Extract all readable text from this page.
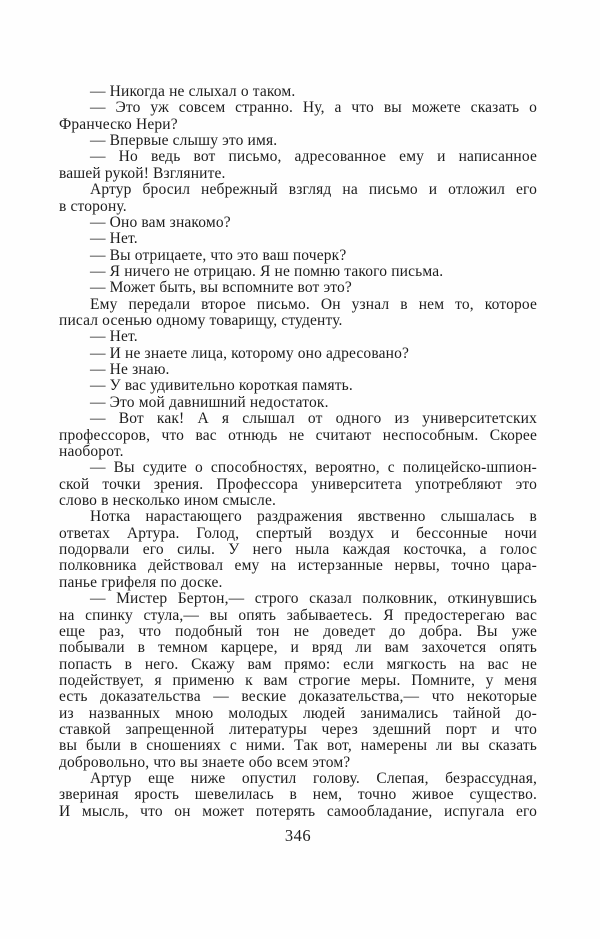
— Никогда не слыхал о таком.
— Это уж совсем странно. Ну, а что вы можете сказать о
Франческо Нери?
— Впервые слышу это имя.
— Но ведь вот письмо, адресованное ему и написанное
вашей рукой! Взгляните.
Артур бросил небрежный взгляд на письмо и отложил его
в сторону.
— Оно вам знакомо?
— Нет.
— Вы отрицаете, что это ваш почерк?
— Я ничего не отрицаю. Я не помню такого письма.
— Может быть, вы вспомните вот это?
Ему передали второе письмо. Он узнал в нем то, которое
писал осенью одному товарищу, студенту.
— Нет.
— И не знаете лица, которому оно адресовано?
— Не знаю.
— У вас удивительно короткая память.
— Это мой давнишний недостаток.
— Вот как! А я слышал от одного из университетских
профессоров, что вас отнюдь не считают неспособным. Скорее
наоборот.
— Вы судите о способностях, вероятно, с полицейско-шпион-
ской точки зрения. Профессора университета употребляют это
слово в несколько ином смысле.
Нотка нарастающего раздражения явственно слышалась в
ответах Артура. Голод, спертый воздух и бессонные ночи
подорвали его силы. У него ныла каждая косточка, а голос
полковника действовал ему на истерзанные нервы, точно цара-
панье грифеля по доске.
— Мистер Бертон,— строго сказал полковник, откинувшись
на спинку стула,— вы опять забываетесь. Я предостерегаю вас
еще раз, что подобный тон не доведет до добра. Вы уже
побывали в темном карцере, и вряд ли вам захочется опять
попасть в него. Скажу вам прямо: если мягкость на вас не
подействует, я применю к вам строгие меры. Помните, у меня
есть доказательства — веские доказательства,— что некоторые
из названных мною молодых людей занимались тайной до-
ставкой запрещенной литературы через здешний порт и что
вы были в сношениях с ними. Так вот, намерены ли вы сказать
добровольно, что вы знаете обо всем этом?
Артур еще ниже опустил голову. Слепая, безрассудная,
звериная ярость шевелилась в нем, точно живое существо.
И мысль, что он может потерять самообладание, испугала его
346
